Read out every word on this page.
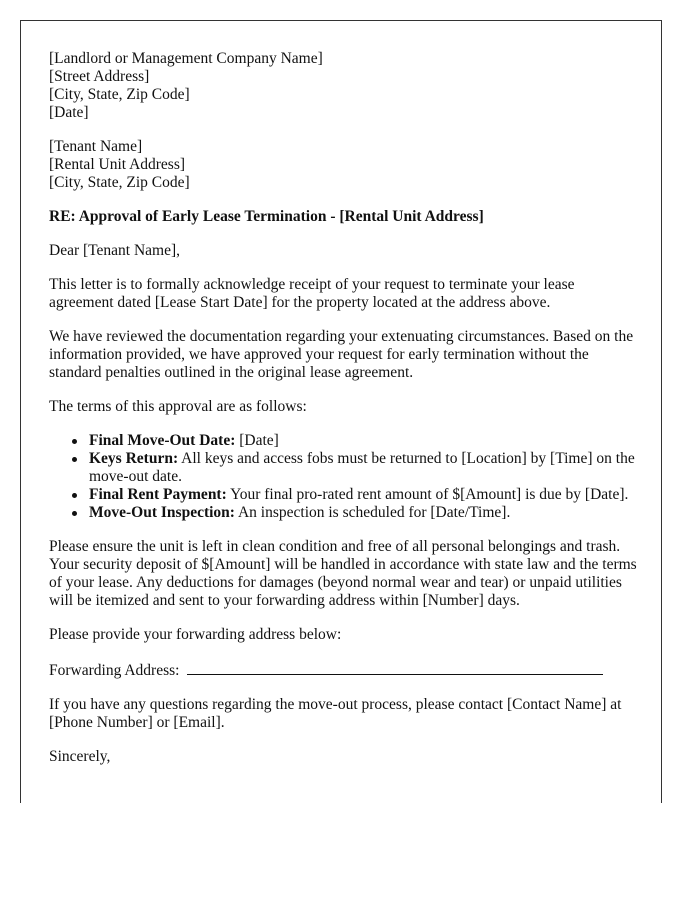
[Landlord or Management Company Name]

[Street Address]

[City, State, Zip Code]

[Date]

[Tenant Name]

[Rental Unit Address]

[City, State, Zip Code]

RE: Approval of Early Lease Termination - [Rental Unit Address]

Dear [Tenant Name],

This letter is to formally acknowledge receipt of your request to terminate your lease agreement dated [Lease Start Date] for the property located at the address above.

We have reviewed the documentation regarding your extenuating circumstances. Based on the information provided, we have approved your request for early termination without the standard penalties outlined in the original lease agreement.

The terms of this approval are as follows:

Final Move-Out Date: [Date]
Keys Return: All keys and access fobs must be returned to [Location] by [Time] on the move-out date.
Final Rent Payment: Your final pro-rated rent amount of $[Amount] is due by [Date].
Move-Out Inspection: An inspection is scheduled for [Date/Time].

Please ensure the unit is left in clean condition and free of all personal belongings and trash. Your security deposit of $[Amount] will be handled in accordance with state law and the terms of your lease. Any deductions for damages (beyond normal wear and tear) or unpaid utilities will be itemized and sent to your forwarding address within [Number] days.

Please provide your forwarding address below:

Forwarding Address:

If you have any questions regarding the move-out process, please contact [Contact Name] at [Phone Number] or [Email].

Sincerely,
